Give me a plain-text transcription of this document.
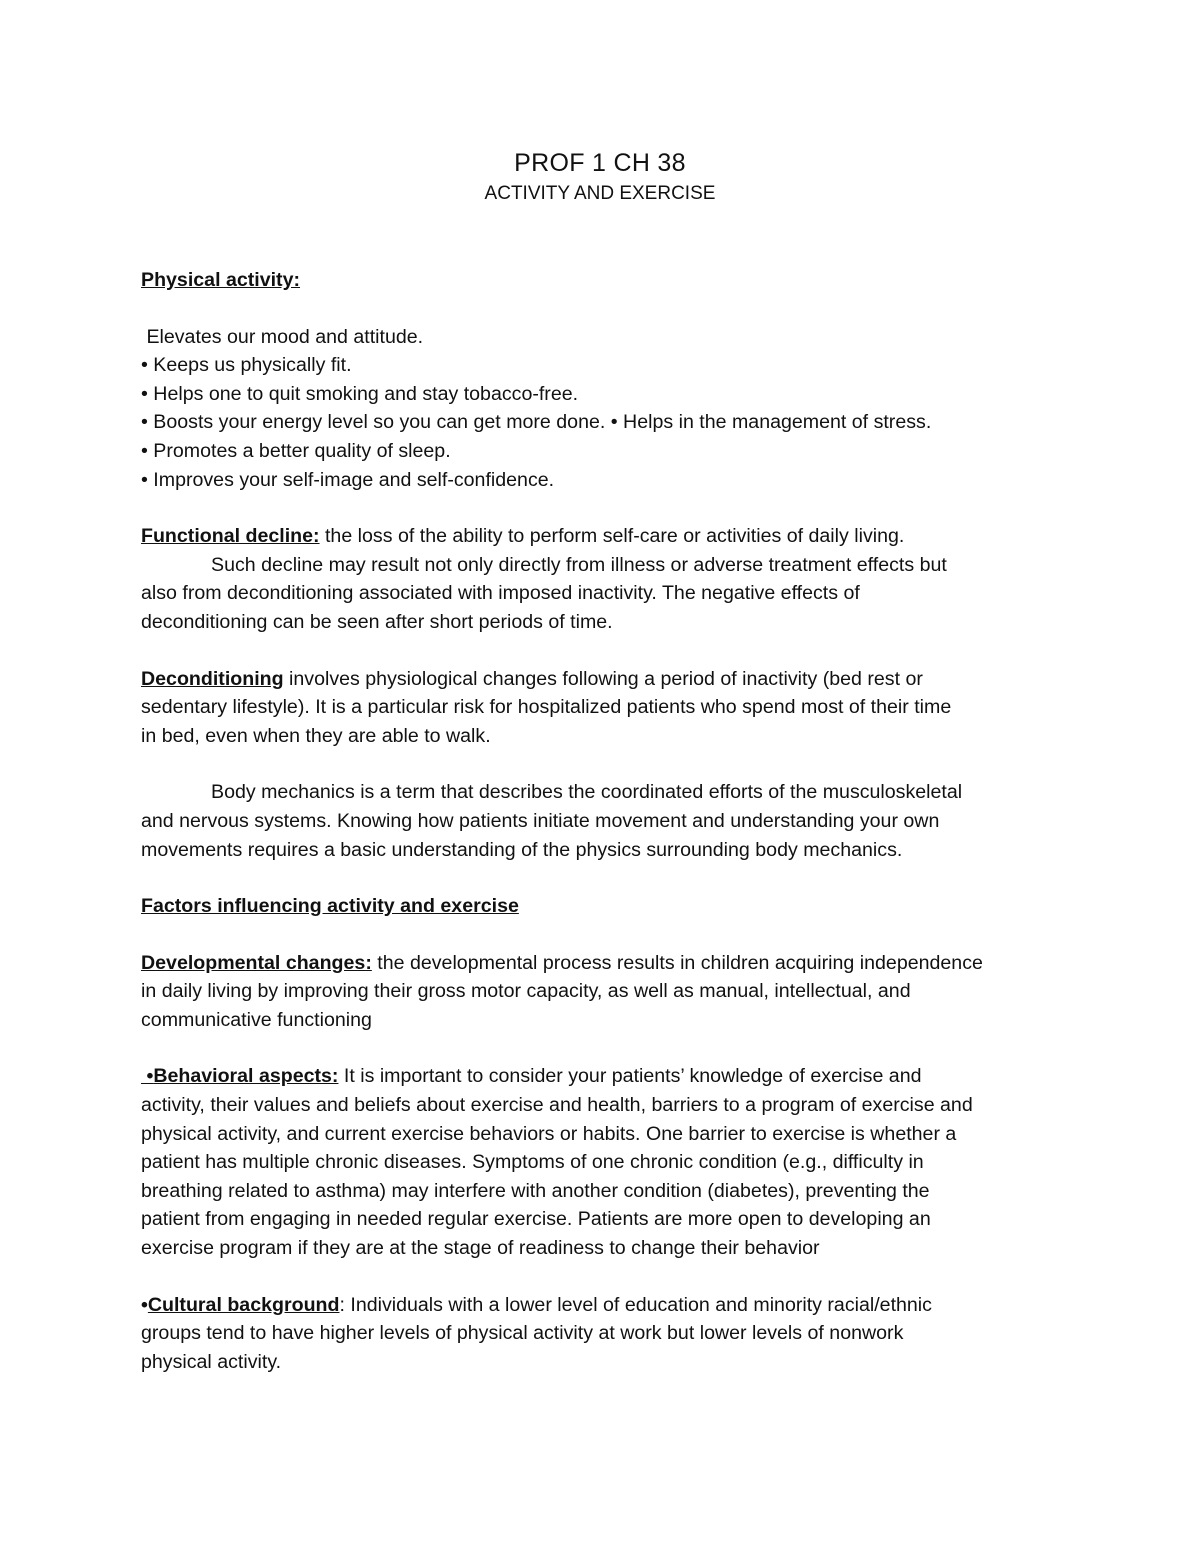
PROF 1 CH 38
ACTIVITY AND EXERCISE
Physical activity:
Elevates our mood and attitude.
• Keeps us physically fit.
• Helps one to quit smoking and stay tobacco-free.
• Boosts your energy level so you can get more done. • Helps in the management of stress.
• Promotes a better quality of sleep.
• Improves your self-image and self-confidence.
Functional decline: the loss of the ability to perform self-care or activities of daily living.
Such decline may result not only directly from illness or adverse treatment effects but
also from deconditioning associated with imposed inactivity. The negative effects of
deconditioning can be seen after short periods of time.
Deconditioning involves physiological changes following a period of inactivity (bed rest or
sedentary lifestyle). It is a particular risk for hospitalized patients who spend most of their time
in bed, even when they are able to walk.
Body mechanics is a term that describes the coordinated efforts of the musculoskeletal
and nervous systems. Knowing how patients initiate movement and understanding your own
movements requires a basic understanding of the physics surrounding body mechanics.
Factors influencing activity and exercise
Developmental changes: the developmental process results in children acquiring independence
in daily living by improving their gross motor capacity, as well as manual, intellectual, and
communicative functioning
•Behavioral aspects: It is important to consider your patients’ knowledge of exercise and
activity, their values and beliefs about exercise and health, barriers to a program of exercise and
physical activity, and current exercise behaviors or habits. One barrier to exercise is whether a
patient has multiple chronic diseases. Symptoms of one chronic condition (e.g., difficulty in
breathing related to asthma) may interfere with another condition (diabetes), preventing the
patient from engaging in needed regular exercise. Patients are more open to developing an
exercise program if they are at the stage of readiness to change their behavior
•Cultural background: Individuals with a lower level of education and minority racial/ethnic
groups tend to have higher levels of physical activity at work but lower levels of nonwork
physical activity.
